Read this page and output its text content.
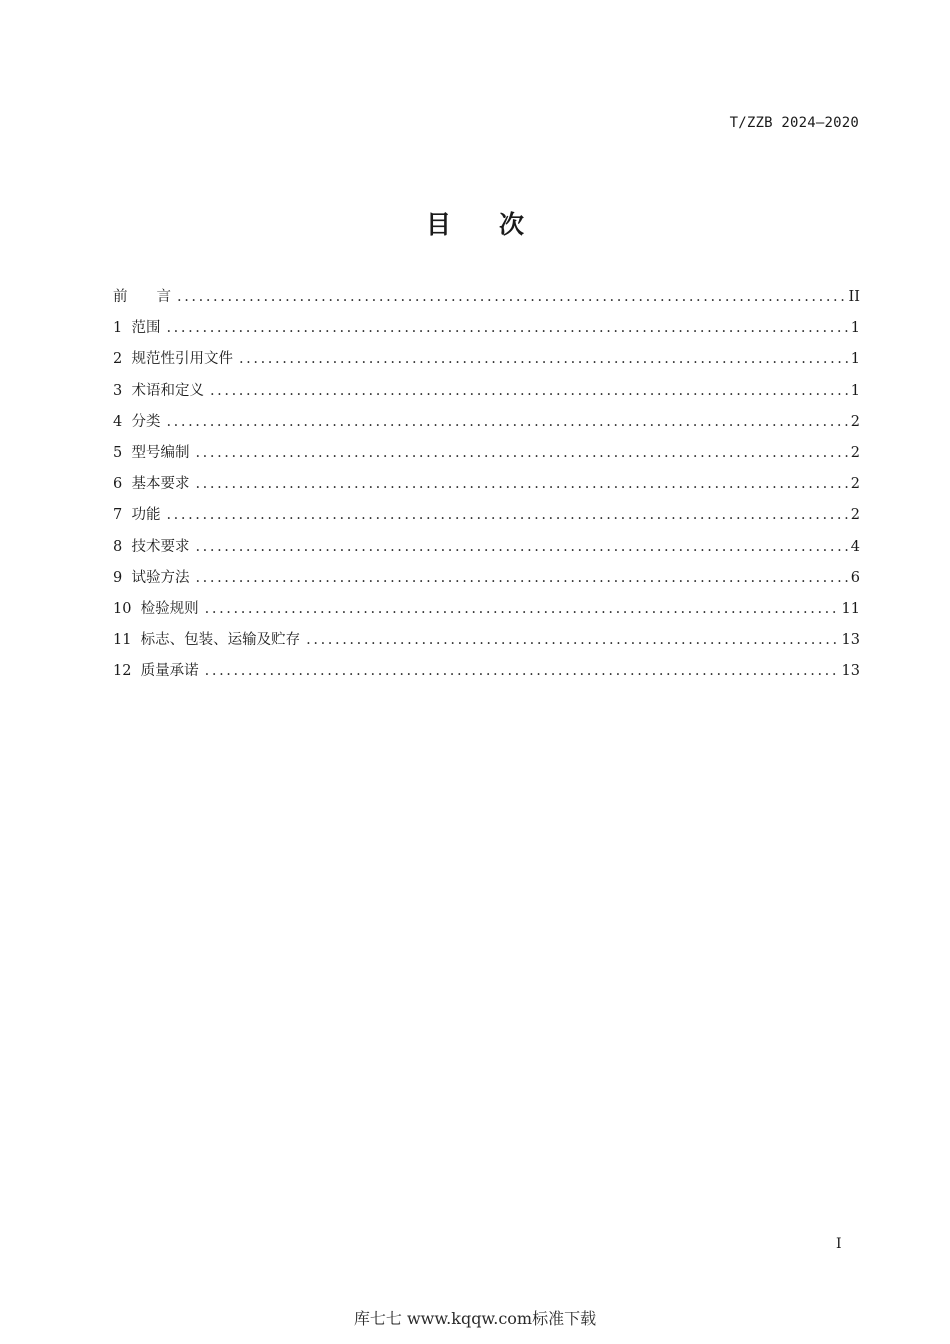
T/ZZB 2024—2020
目 次
前　　言 .....	II
1  范围 .....	1
2  规范性引用文件 .....	1
3  术语和定义 .....	1
4  分类 .....	2
5  型号编制 .....	2
6  基本要求 .....	2
7  功能 .....	2
8  技术要求 .....	4
9  试验方法 .....	6
10  检验规则 .....	11
11  标志、包装、运输及贮存 .....	13
12  质量承诺 .....	13
I
库七七 www.kqqw.com标准下载
